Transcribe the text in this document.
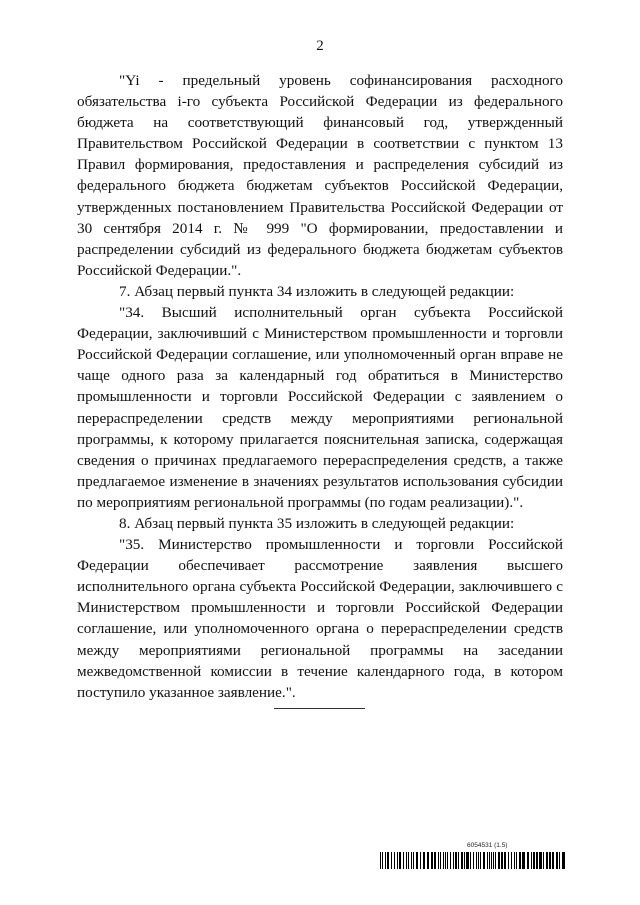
2

"Yi - предельный уровень софинансирования расходного обязательства i-го субъекта Российской Федерации из федерального бюджета на соответствующий финансовый год, утвержденный Правительством Российской Федерации в соответствии с пунктом 13 Правил формирования, предоставления и распределения субсидий из федерального бюджета бюджетам субъектов Российской Федерации, утвержденных постановлением Правительства Российской Федерации от 30 сентября 2014 г. № 999 "О формировании, предоставлении и распределении субсидий из федерального бюджета бюджетам субъектов Российской Федерации.".

7. Абзац первый пункта 34 изложить в следующей редакции:

"34. Высший исполнительный орган субъекта Российской Федерации, заключивший с Министерством промышленности и торговли Российской Федерации соглашение, или уполномоченный орган вправе не чаще одного раза за календарный год обратиться в Министерство промышленности и торговли Российской Федерации с заявлением о перераспределении средств между мероприятиями региональной программы, к которому прилагается пояснительная записка, содержащая сведения о причинах предлагаемого перераспределения средств, а также предлагаемое изменение в значениях результатов использования субсидии по мероприятиям региональной программы (по годам реализации).".

8. Абзац первый пункта 35 изложить в следующей редакции:

"35. Министерство промышленности и торговли Российской Федерации обеспечивает рассмотрение заявления высшего исполнительного органа субъекта Российской Федерации, заключившего с Министерством промышленности и торговли Российской Федерации соглашение, или уполномоченного органа о перераспределении средств между мероприятиями региональной программы на заседании межведомственной комиссии в течение календарного года, в котором поступило указанное заявление.".

6054531 (1.5)
